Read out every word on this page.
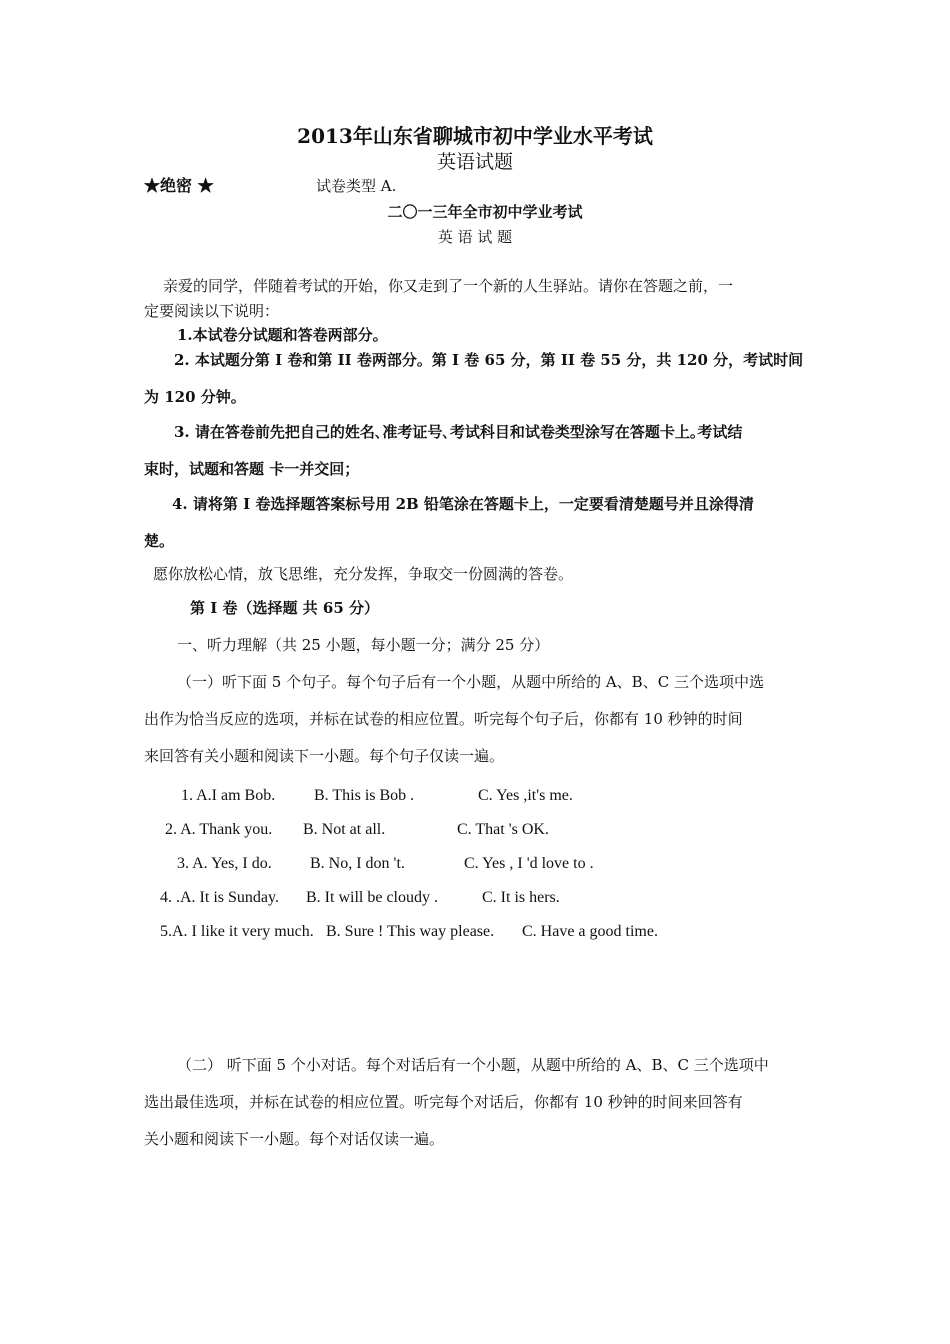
2013年山东省聊城市初中学业水平考试
英语试题
★绝密 ★	试卷类型 A.
二〇一三年全市初中学业考试
英 语 试 题
亲爱的同学，伴随着考试的开始，你又走到了一个新的人生驿站。请你在答题之前，一
定要阅读以下说明：
1.本试卷分试题和答卷两部分。
2. 本试题分第 I 卷和第 II 卷两部分。第 I 卷 65 分，第 II 卷 55 分，共 120 分，考试时间
为 120 分钟。
3. 请在答卷前先把自己的姓名､准考证号､考试科目和试卷类型涂写在答题卡上｡考试结
束时，试题和答题 卡一并交回；
4. 请将第 I 卷选择题答案标号用 2B 铅笔涂在答题卡上，一定要看清楚题号并且涂得清
楚。
愿你放松心情，放飞思维，充分发挥，争取交一份圆满的答卷。
第 I 卷（选择题 共 65 分）
一、听力理解（共 25 小题，每小题一分；满分 25 分）
（一）听下面 5 个句子。每个句子后有一个小题，从题中所给的 A、B、C 三个选项中选
出作为恰当反应的选项，并标在试卷的相应位置。听完每个句子后，你都有 10 秒钟的时间
来回答有关小题和阅读下一小题。每个句子仅读一遍。
1. A.I am Bob. B. This is Bob .	C. Yes ,it's me.
2. A. Thank you. B. Not at all.	C. That 's OK.
3. A. Yes, I do. B. No, I don 't.	C. Yes , I 'd love to .
4. .A. It is Sunday. B. It will be cloudy .	C. It is hers.
5.A. I like it very much. B. Sure ! This way please. C. Have a good time.
（二） 听下面 5 个小对话。每个对话后有一个小题，从题中所给的 A、B、C 三个选项中
选出最佳选项，并标在试卷的相应位置。听完每个对话后，你都有 10 秒钟的时间来回答有
关小题和阅读下一小题。每个对话仅读一遍。
